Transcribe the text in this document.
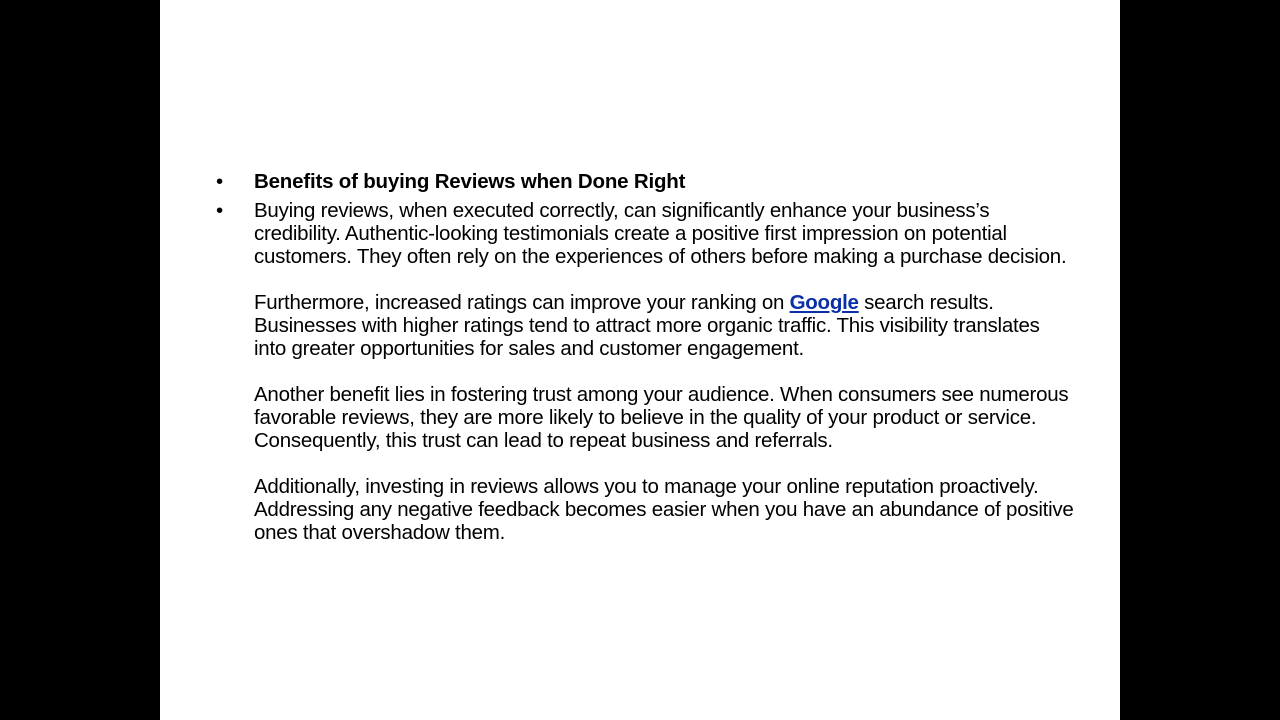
•	Benefits of buying Reviews when Done Right
•	Buying reviews, when executed correctly, can significantly enhance your business’s credibility. Authentic-looking testimonials create a positive first impression on potential customers. They often rely on the experiences of others before making a purchase decision.

Furthermore, increased ratings can improve your ranking on Google search results. Businesses with higher ratings tend to attract more organic traffic. This visibility translates into greater opportunities for sales and customer engagement.

Another benefit lies in fostering trust among your audience. When consumers see numerous favorable reviews, they are more likely to believe in the quality of your product or service. Consequently, this trust can lead to repeat business and referrals.

Additionally, investing in reviews allows you to manage your online reputation proactively. Addressing any negative feedback becomes easier when you have an abundance of positive ones that overshadow them.
